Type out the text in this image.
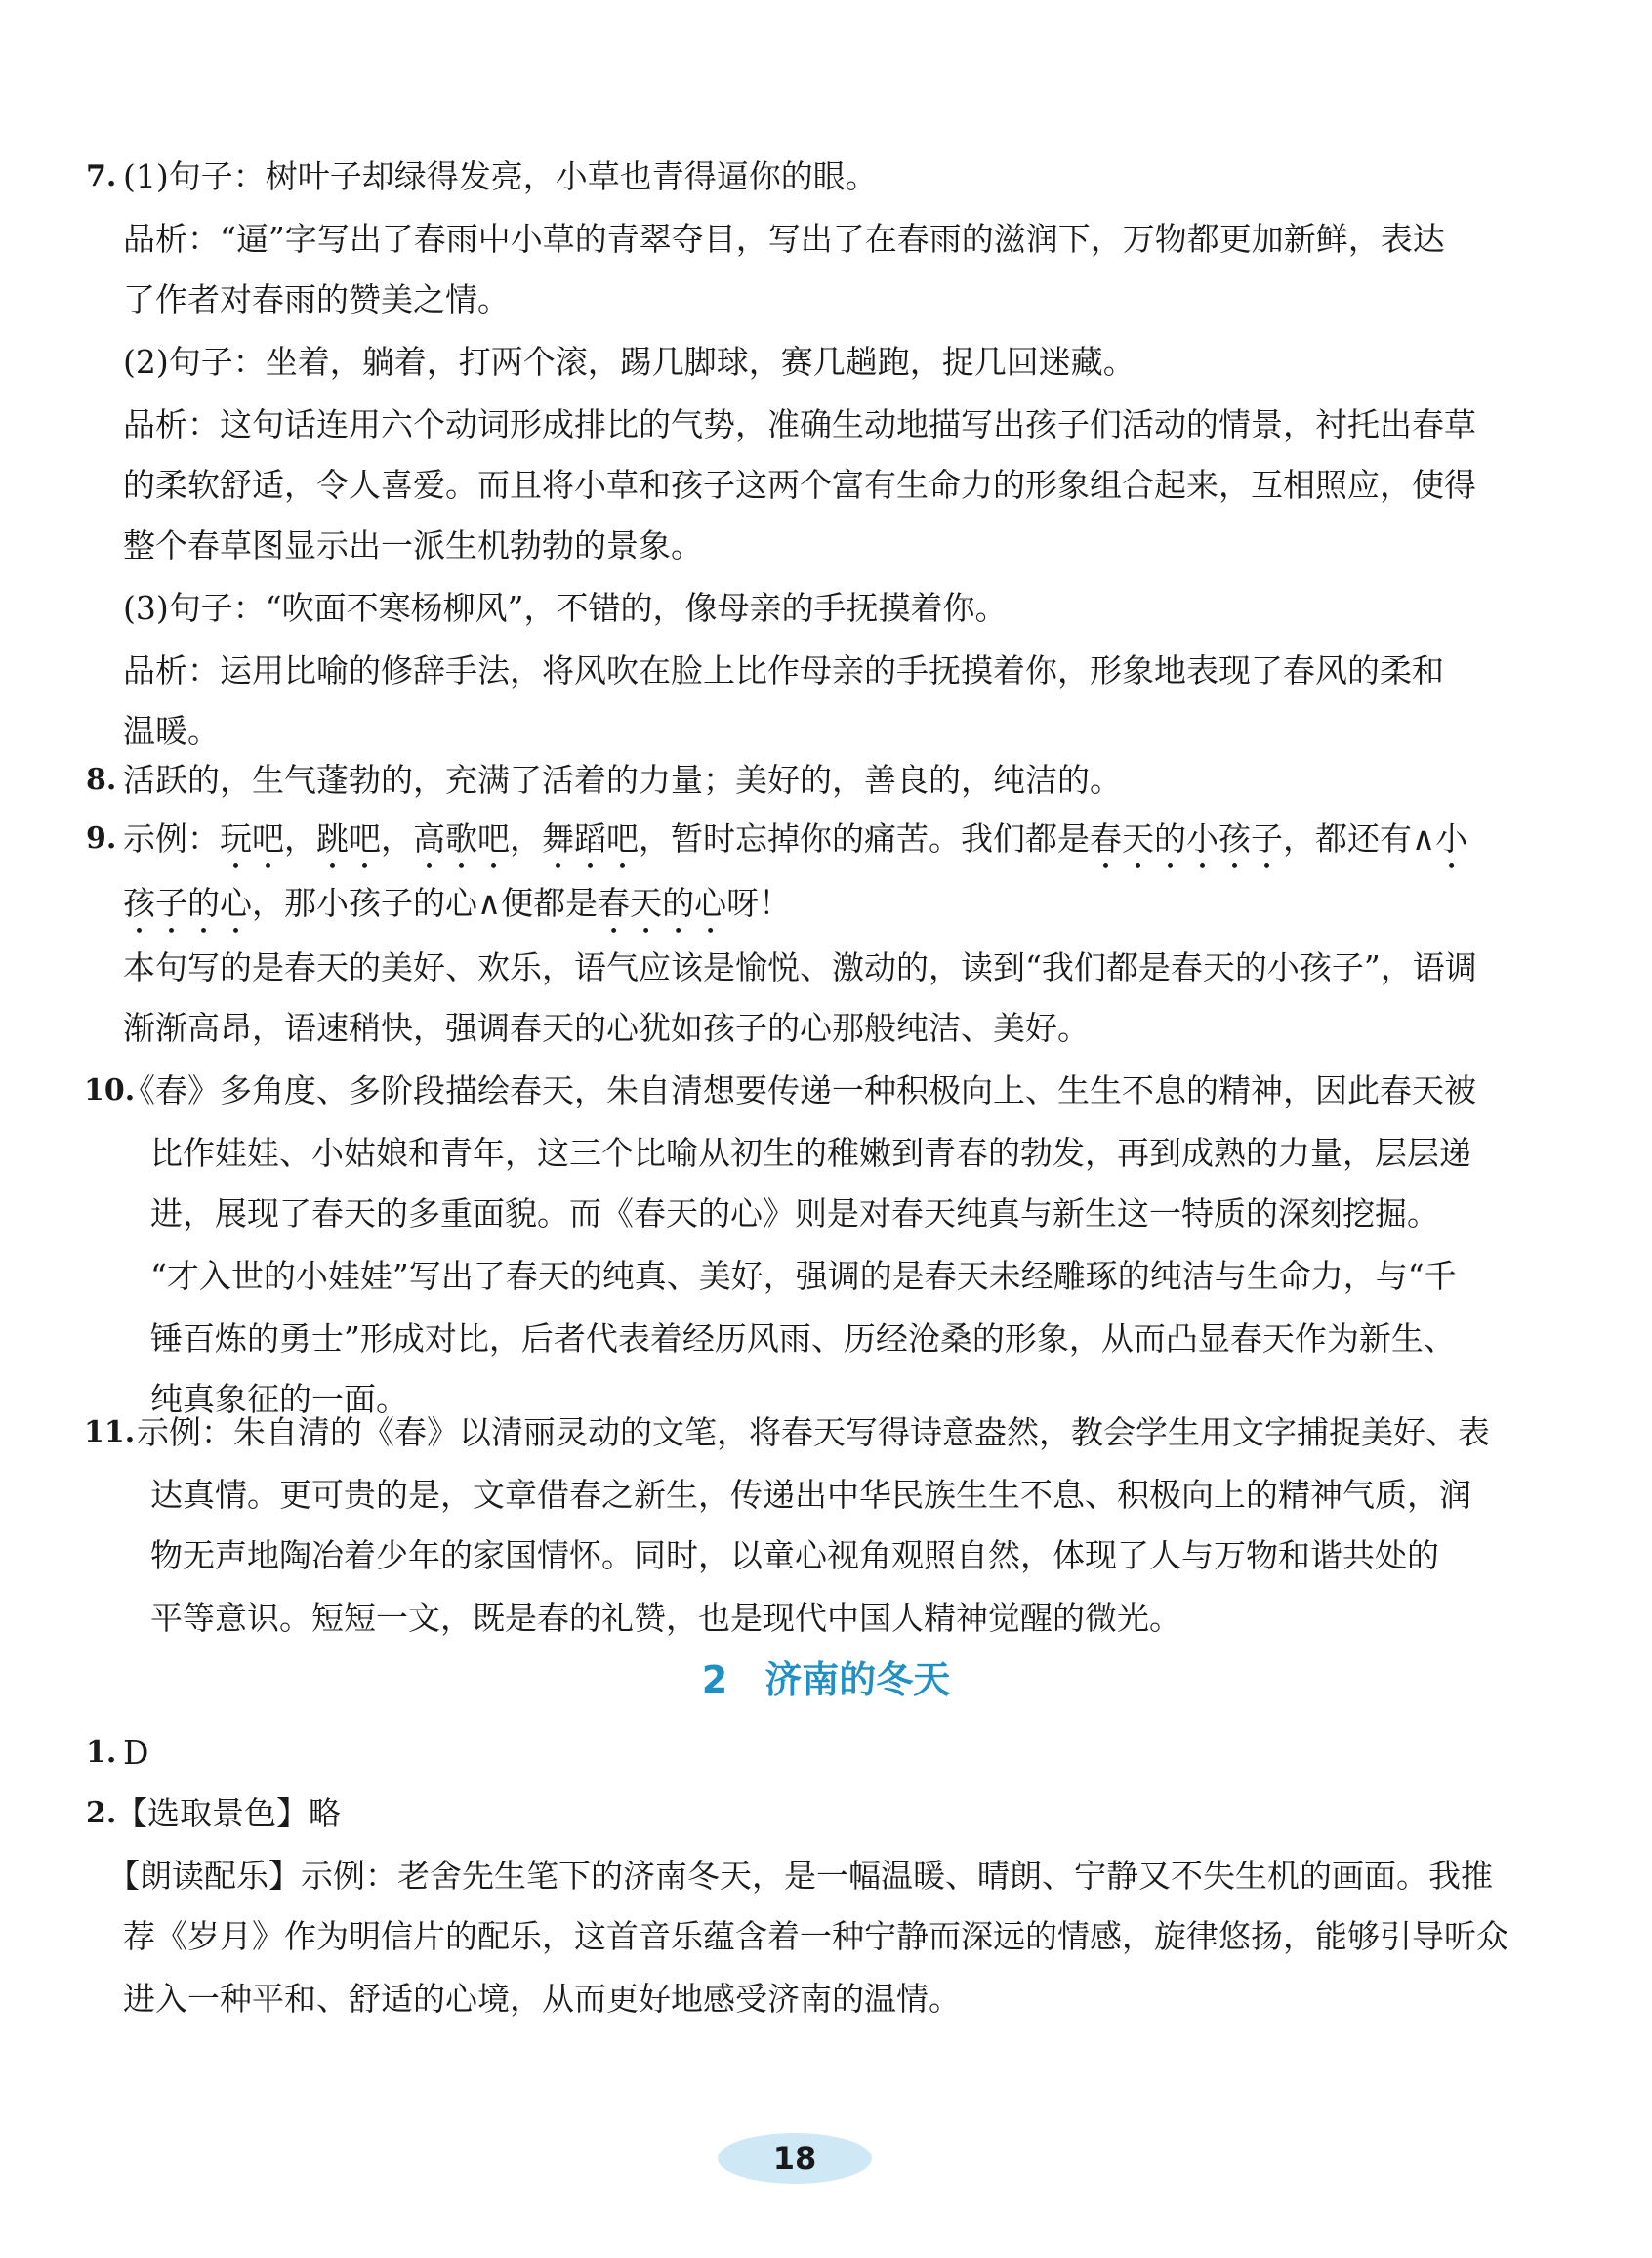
7. (1)句子：树叶子却绿得发亮，小草也青得逼你的眼。
品析：“逼”字写出了春雨中小草的青翠夺目，写出了在春雨的滋润下，万物都更加新鲜，表达
了作者对春雨的赞美之情。
(2)句子：坐着，躺着，打两个滚，踢几脚球，赛几趟跑，捉几回迷藏。
品析：这句话连用六个动词形成排比的气势，准确生动地描写出孩子们活动的情景，衬托出春草
的柔软舒适，令人喜爱。而且将小草和孩子这两个富有生命力的形象组合起来，互相照应，使得
整个春草图显示出一派生机勃勃的景象。
(3)句子：“吹面不寒杨柳风”，不错的，像母亲的手抚摸着你。
品析：运用比喻的修辞手法，将风吹在脸上比作母亲的手抚摸着你，形象地表现了春风的柔和
温暖。
8. 活跃的，生气蓬勃的，充满了活着的力量；美好的，善良的，纯洁的。
9. 示例：玩吧，跳吧，高歌吧，舞蹈吧，暂时忘掉你的痛苦。我们都是春天的小孩子，都还有∧小
孩子的心，那小孩子的心∧便都是春天的心呀！
本句写的是春天的美好、欢乐，语气应该是愉悦、激动的，读到“我们都是春天的小孩子”，语调
渐渐高昂，语速稍快，强调春天的心犹如孩子的心那般纯洁、美好。
10.
《春》多角度、多阶段描绘春天，朱自清想要传递一种积极向上、生生不息的精神，因此春天被
比作娃娃、小姑娘和青年，这三个比喻从初生的稚嫩到青春的勃发，再到成熟的力量，层层递
进，展现了春天的多重面貌。而《春天的心》则是对春天纯真与新生这一特质的深刻挖掘。
“才入世的小娃娃”写出了春天的纯真、美好，强调的是春天未经雕琢的纯洁与生命力，与“千
锤百炼的勇士”形成对比，后者代表着经历风雨、历经沧桑的形象，从而凸显春天作为新生、
纯真象征的一面。
11. 示例：朱自清的《春》以清丽灵动的文笔，将春天写得诗意盎然，教会学生用文字捕捉美好、表
达真情。更可贵的是，文章借春之新生，传递出中华民族生生不息、积极向上的精神气质，润
物无声地陶冶着少年的家国情怀。同时，以童心视角观照自然，体现了人与万物和谐共处的
平等意识。短短一文，既是春的礼赞，也是现代中国人精神觉醒的微光。
2　济南的冬天
1. D
2.
【选取景色】略
【朗读配乐】示例：老舍先生笔下的济南冬天，是一幅温暖、晴朗、宁静又不失生机的画面。我推
荐《岁月》作为明信片的配乐，这首音乐蕴含着一种宁静而深远的情感，旋律悠扬，能够引导听众
进入一种平和、舒适的心境，从而更好地感受济南的温情。
18
